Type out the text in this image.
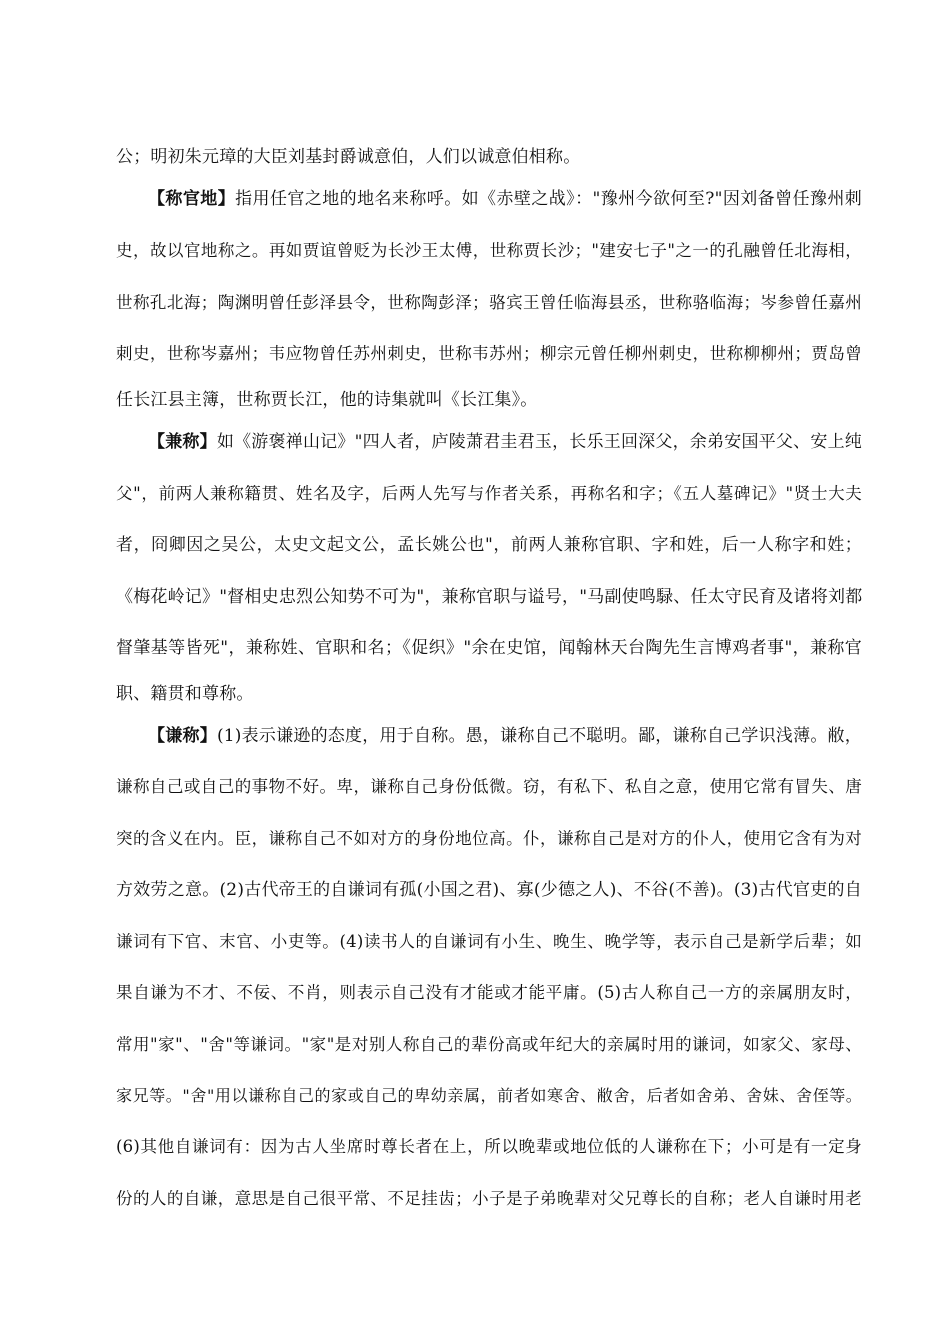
公；明初朱元璋的大臣刘基封爵诚意伯，人们以诚意伯相称。
【称官地】指用任官之地的地名来称呼。如《赤壁之战》："豫州今欲何至?"因刘备曾任豫州刺
史，故以官地称之。再如贾谊曾贬为长沙王太傅，世称贾长沙；"建安七子"之一的孔融曾任北海相，
世称孔北海；陶渊明曾任彭泽县令，世称陶彭泽；骆宾王曾任临海县丞，世称骆临海；岑参曾任嘉州
刺史，世称岑嘉州；韦应物曾任苏州刺史，世称韦苏州；柳宗元曾任柳州刺史，世称柳柳州；贾岛曾
任长江县主簿，世称贾长江，他的诗集就叫《长江集》。
【兼称】如《游褒禅山记》"四人者，庐陵萧君圭君玉，长乐王回深父，余弟安国平父、安上纯
父"，前两人兼称籍贯、姓名及字，后两人先写与作者关系，再称名和字；《五人墓碑记》"贤士大夫
者，冏卿因之吴公，太史文起文公，孟长姚公也"，前两人兼称官职、字和姓，后一人称字和姓；
《梅花岭记》"督相史忠烈公知势不可为"，兼称官职与谥号，"马副使鸣騄、任太守民育及诸将刘都
督肇基等皆死"，兼称姓、官职和名；《促织》"余在史馆，闻翰林天台陶先生言博鸡者事"，兼称官
职、籍贯和尊称。
【谦称】(1)表示谦逊的态度，用于自称。愚，谦称自己不聪明。鄙，谦称自己学识浅薄。敝，
谦称自己或自己的事物不好。卑，谦称自己身份低微。窃，有私下、私自之意，使用它常有冒失、唐
突的含义在内。臣，谦称自己不如对方的身份地位高。仆，谦称自己是对方的仆人，使用它含有为对
方效劳之意。(2)古代帝王的自谦词有孤(小国之君)、寡(少德之人)、不谷(不善)。(3)古代官吏的自
谦词有下官、末官、小吏等。(4)读书人的自谦词有小生、晚生、晚学等，表示自己是新学后辈；如
果自谦为不才、不佞、不肖，则表示自己没有才能或才能平庸。(5)古人称自己一方的亲属朋友时，
常用"家"、"舍"等谦词。"家"是对别人称自己的辈份高或年纪大的亲属时用的谦词，如家父、家母、
家兄等。"舍"用以谦称自己的家或自己的卑幼亲属，前者如寒舍、敝舍，后者如舍弟、舍妹、舍侄等。
(6)其他自谦词有：因为古人坐席时尊长者在上，所以晚辈或地位低的人谦称在下；小可是有一定身
份的人的自谦，意思是自己很平常、不足挂齿；小子是子弟晚辈对父兄尊长的自称；老人自谦时用老
